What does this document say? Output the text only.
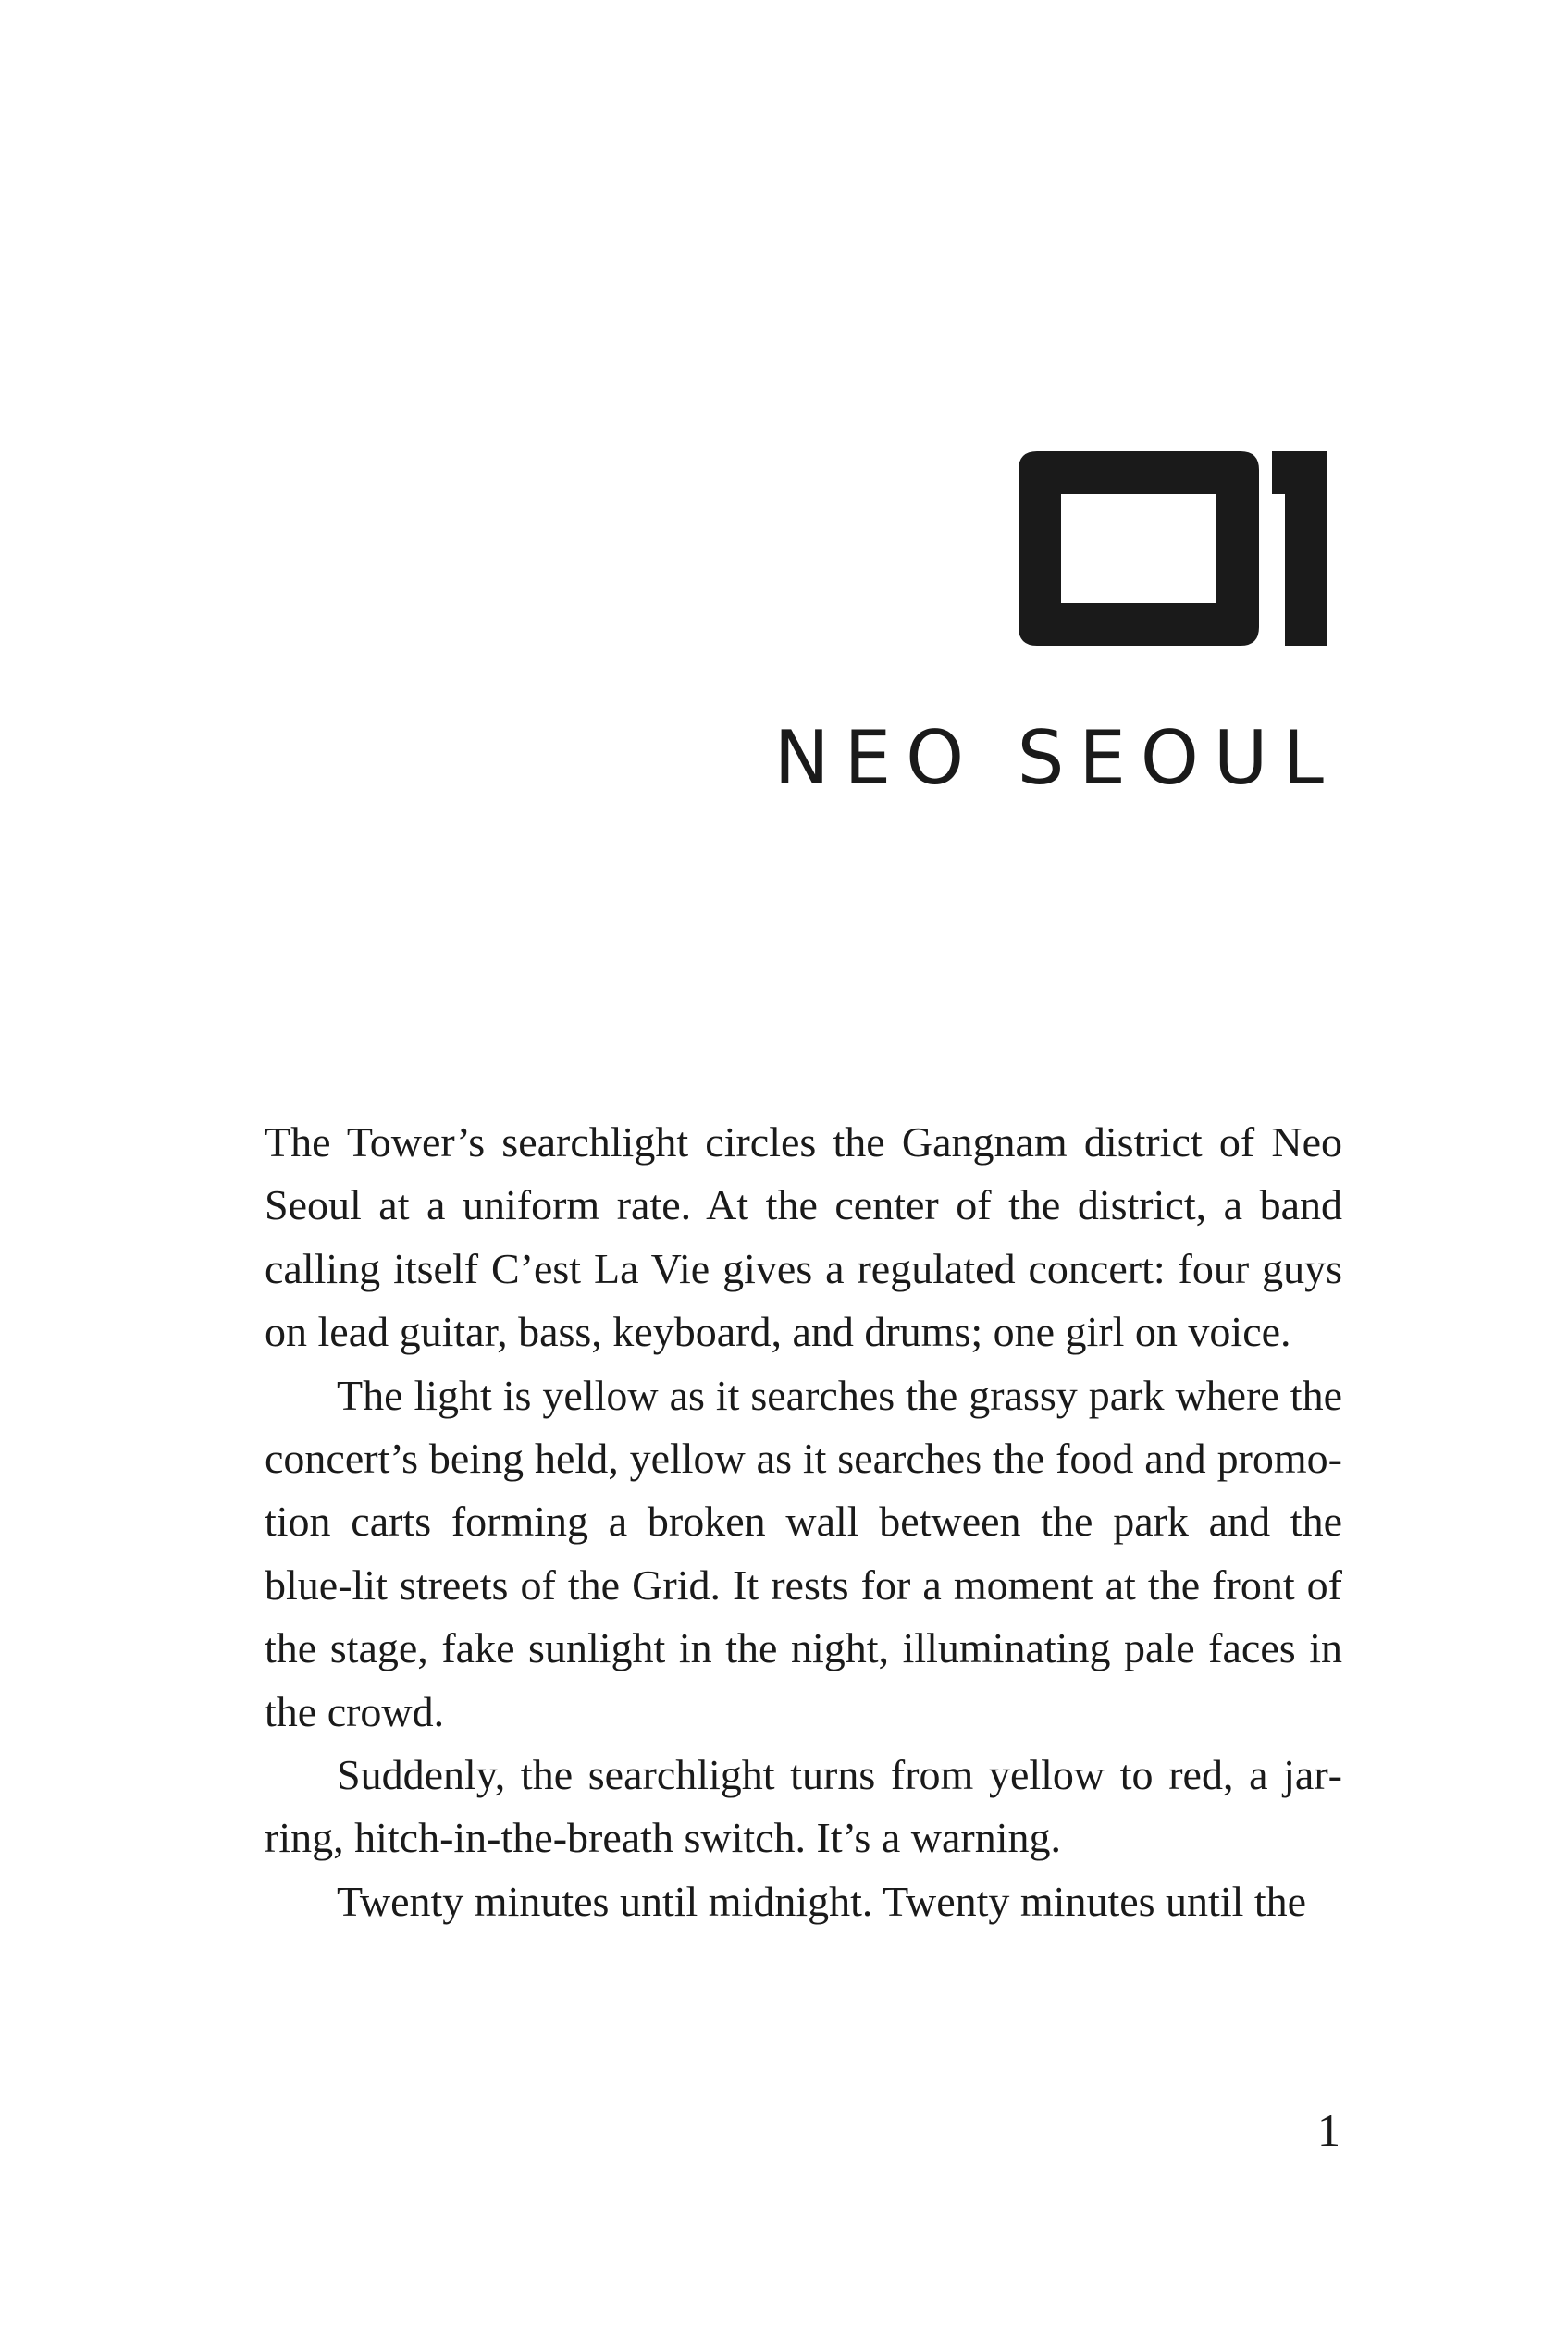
NEO SEOUL

The Tower’s searchlight circles the Gangnam district of Neo Seoul at a uniform rate. At the center of the district, a band calling itself C’est La Vie gives a regulated concert: four guys on lead guitar, bass, keyboard, and drums; one girl on voice.

The light is yellow as it searches the grassy park where the concert’s being held, yellow as it searches the food and promotion carts forming a broken wall between the park and the blue-lit streets of the Grid. It rests for a moment at the front of the stage, fake sunlight in the night, illuminating pale faces in the crowd.

Suddenly, the searchlight turns from yellow to red, a jarring, hitch-in-the-breath switch. It’s a warning.

Twenty minutes until midnight. Twenty minutes until the

1
